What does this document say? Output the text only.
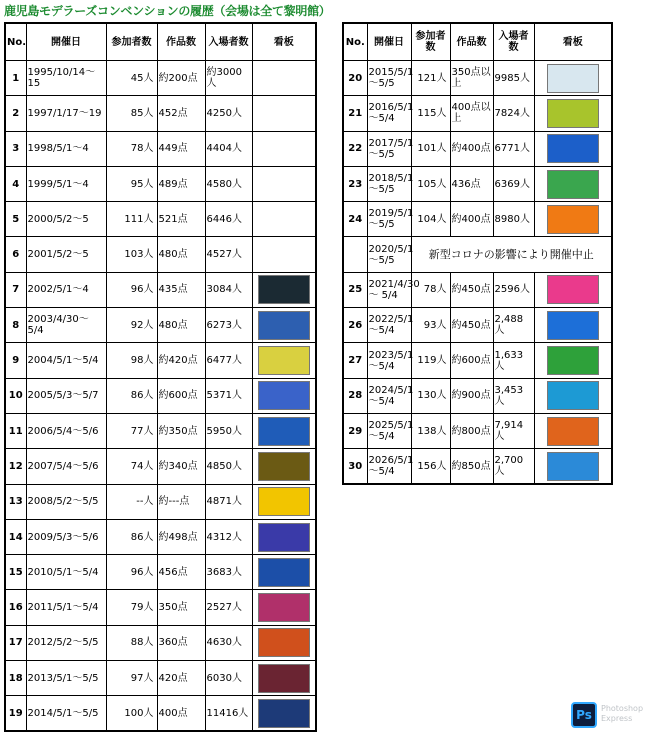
鹿児島モデラーズコンベンションの履歴（会場は全て黎明館）
No.	開催日	参加者数	作品数	入場者数	看板
1	1995/10/14～15	45人	約200点	約3000人	
2	1997/1/17～19	85人	452点	4250人	
3	1998/5/1～4	78人	449点	4404人	
4	1999/5/1～4	95人	489点	4580人	
5	2000/5/2～5	111人	521点	6446人	
6	2001/5/2～5	103人	480点	4527人	
7	2002/5/1～4	96人	435点	3084人	

8	2003/4/30～5/4	92人	480点	6273人	

9	2004/5/1～5/4	98人	約420点	6477人	

10	2005/5/3～5/7	86人	約600点	5371人	

11	2006/5/4～5/6	77人	約350点	5950人	

12	2007/5/4～5/6	74人	約340点	4850人	

13	2008/5/2～5/5	--人	約---点	4871人	

14	2009/5/3～5/6	86人	約498点	4312人	

15	2010/5/1～5/4	96人	456点	3683人	

16	2011/5/1～5/4	79人	350点	2527人	

17	2012/5/2～5/5	88人	360点	4630人	

18	2013/5/1～5/5	97人	420点	6030人	

19	2014/5/1～5/5	100人	400点	11416人	
No.	開催日	参加者数	作品数	入場者数	看板
20	2015/5/1 ～5/5	121人	350点以上	9985人	

21	2016/5/1 ～5/4	115人	400点以上	7824人	

22	2017/5/1 ～5/5	101人	約400点	6771人	

23	2018/5/1 ～5/5	105人	436点	6369人	

24	2019/5/1 ～5/5	104人	約400点	8980人	

	2020/5/1 ～5/5	新型コロナの影響により開催中止			
25	2021/4/30 ～ 5/4	78人	約450点	2596人	

26	2022/5/1～5/4	93人	約450点	2,488人	

27	2023/5/1～5/4	119人	約600点	1,633人	

28	2024/5/1～5/4	130人	約900点	3,453人	

29	2025/5/1～5/4	138人	約800点	7,914人	

30	2026/5/1～5/4	156人	約850点	2,700人	
Ps	Photoshop Express
